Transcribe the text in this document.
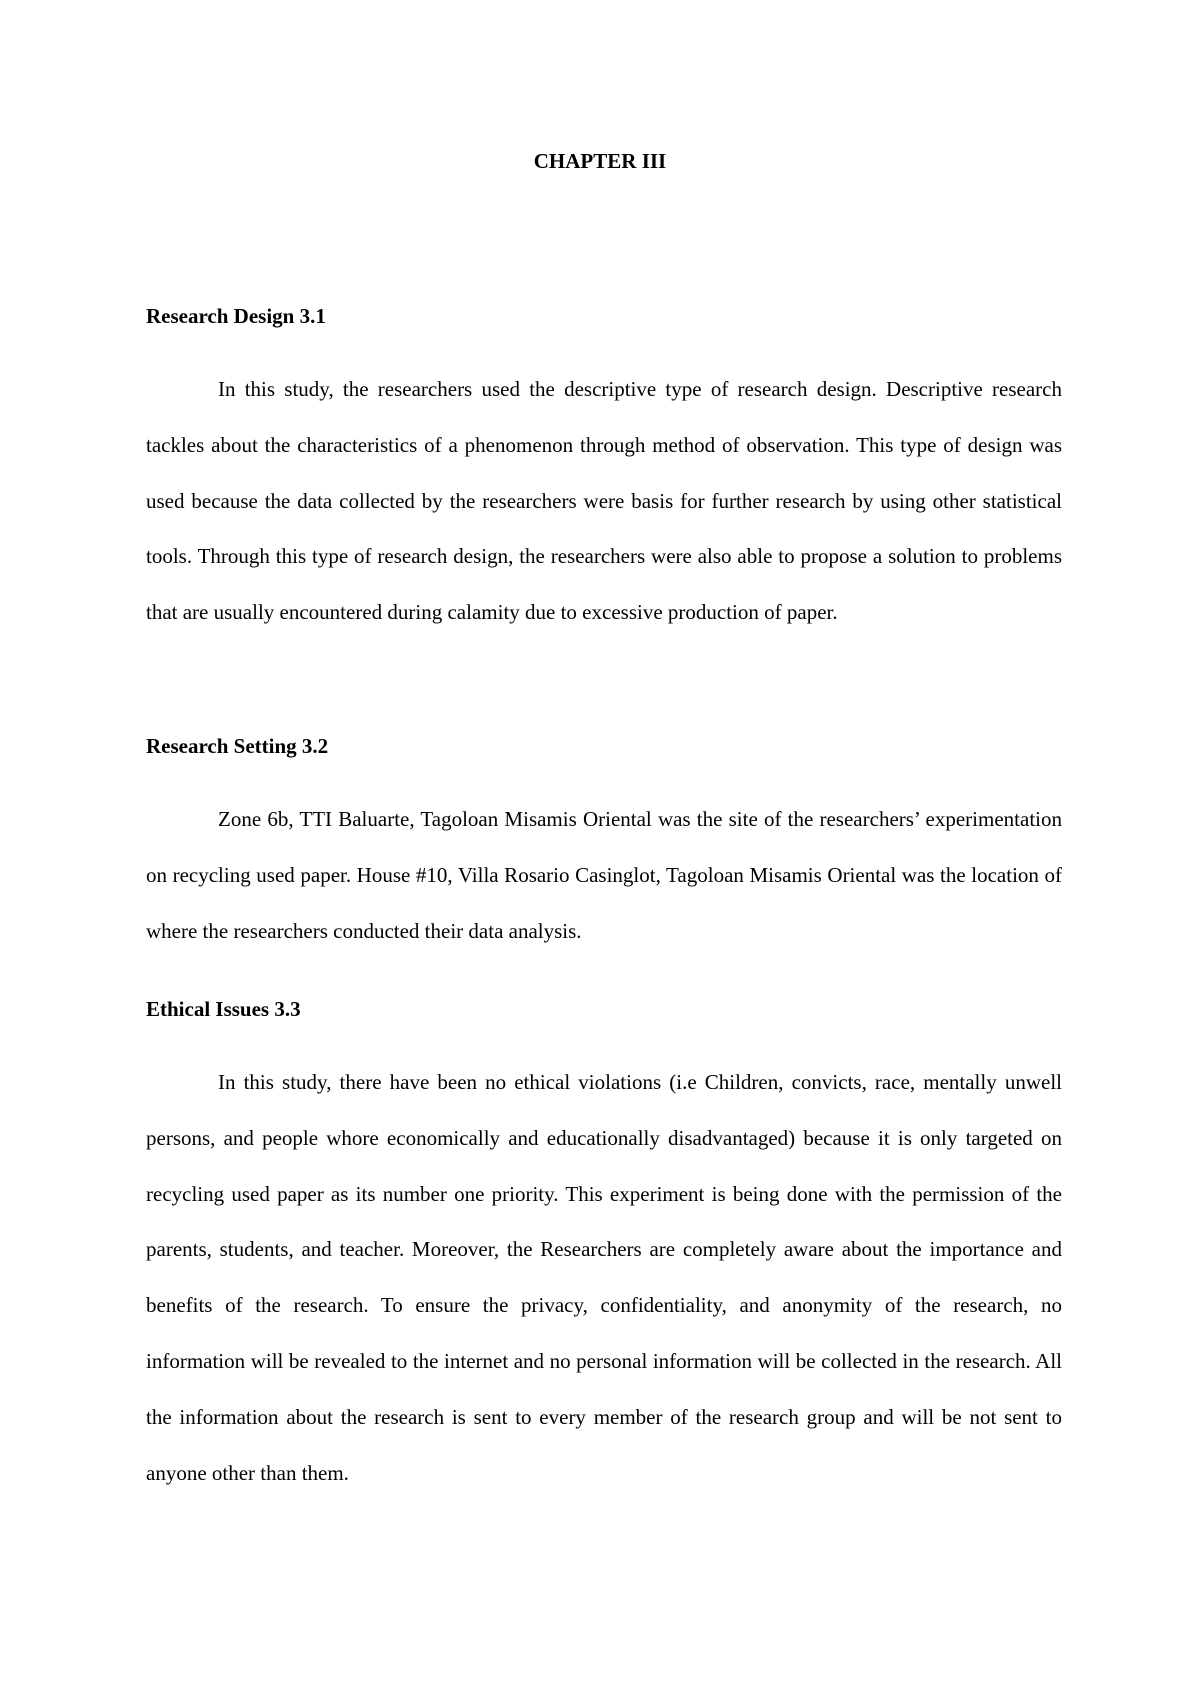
CHAPTER III
Research Design 3.1

In this study, the researchers used the descriptive type of research design. Descriptive research tackles about the characteristics of a phenomenon through method of observation. This type of design was used because the data collected by the researchers were basis for further research by using other statistical tools. Through this type of research design, the researchers were also able to propose a solution to problems that are usually encountered during calamity due to excessive production of paper.

Research Setting 3.2

Zone 6b, TTI Baluarte, Tagoloan Misamis Oriental was the site of the researchers’ experimentation on recycling used paper. House #10, Villa Rosario Casinglot, Tagoloan Misamis Oriental was the location of where the researchers conducted their data analysis.

Ethical Issues 3.3

In this study, there have been no ethical violations (i.e Children, convicts, race, mentally unwell persons, and people whore economically and educationally disadvantaged) because it is only targeted on recycling used paper as its number one priority. This experiment is being done with the permission of the parents, students, and teacher. Moreover, the Researchers are completely aware about the importance and benefits of the research. To ensure the privacy, confidentiality, and anonymity of the research, no information will be revealed to the internet and no personal information will be collected in the research. All the information about the research is sent to every member of the research group and will be not sent to anyone other than them.
